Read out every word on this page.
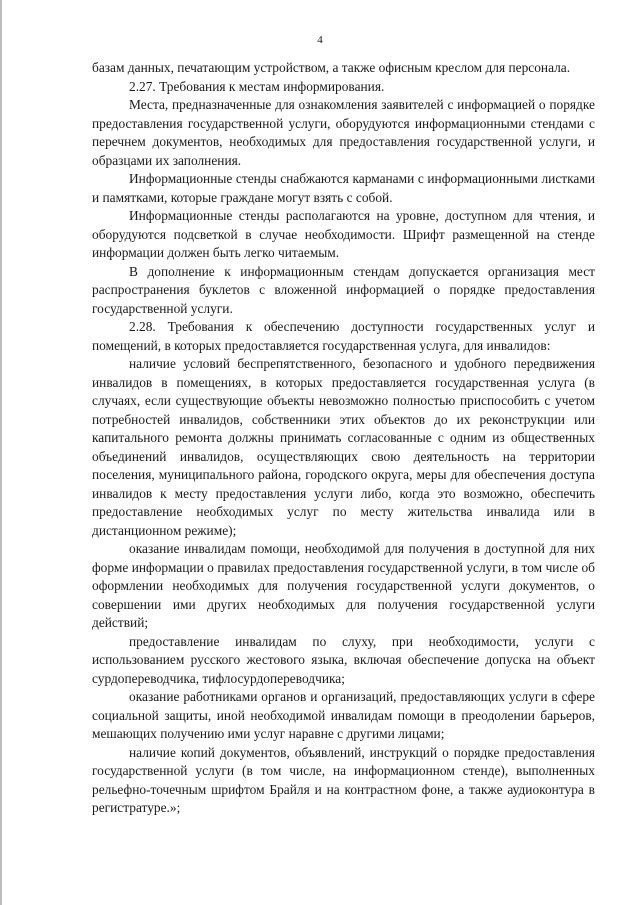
4

базам данных, печатающим устройством, а также офисным креслом для персонала.

2.27. Требования к местам информирования.

Места, предназначенные для ознакомления заявителей с информацией о порядке предоставления государственной услуги, оборудуются информационными стендами с перечнем документов, необходимых для предоставления государственной услуги, и образцами их заполнения.

Информационные стенды снабжаются карманами с информационными листками и памятками, которые граждане могут взять с собой.

Информационные стенды располагаются на уровне, доступном для чтения, и оборудуются подсветкой в случае необходимости. Шрифт размещенной на стенде информации должен быть легко читаемым.

В дополнение к информационным стендам допускается организация мест распространения буклетов с вложенной информацией о порядке предоставления государственной услуги.

2.28. Требования к обеспечению доступности государственных услуг и помещений, в которых предоставляется государственная услуга, для инвалидов:

наличие условий беспрепятственного, безопасного и удобного передвижения инвалидов в помещениях, в которых предоставляется государственная услуга (в случаях, если существующие объекты невозможно полностью приспособить с учетом потребностей инвалидов, собственники этих объектов до их реконструкции или капитального ремонта должны принимать согласованные с одним из общественных объединений инвалидов, осуществляющих свою деятельность на территории поселения, муниципального района, городского округа, меры для обеспечения доступа инвалидов к месту предоставления услуги либо, когда это возможно, обеспечить предоставление необходимых услуг по месту жительства инвалида или в дистанционном режиме);

оказание инвалидам помощи, необходимой для получения в доступной для них форме информации о правилах предоставления государственной услуги, в том числе об оформлении необходимых для получения государственной услуги документов, о совершении ими других необходимых для получения государственной услуги действий;

предоставление инвалидам по слуху, при необходимости, услуги с использованием русского жестового языка, включая обеспечение допуска на объект сурдопереводчика, тифлосурдопереводчика;

оказание работниками органов и организаций, предоставляющих услуги в сфере социальной защиты, иной необходимой инвалидам помощи в преодолении барьеров, мешающих получению ими услуг наравне с другими лицами;

наличие копий документов, объявлений, инструкций о порядке предоставления государственной услуги (в том числе, на информационном стенде), выполненных рельефно-точечным шрифтом Брайля и на контрастном фоне, а также аудиоконтура в регистратуре.»;
